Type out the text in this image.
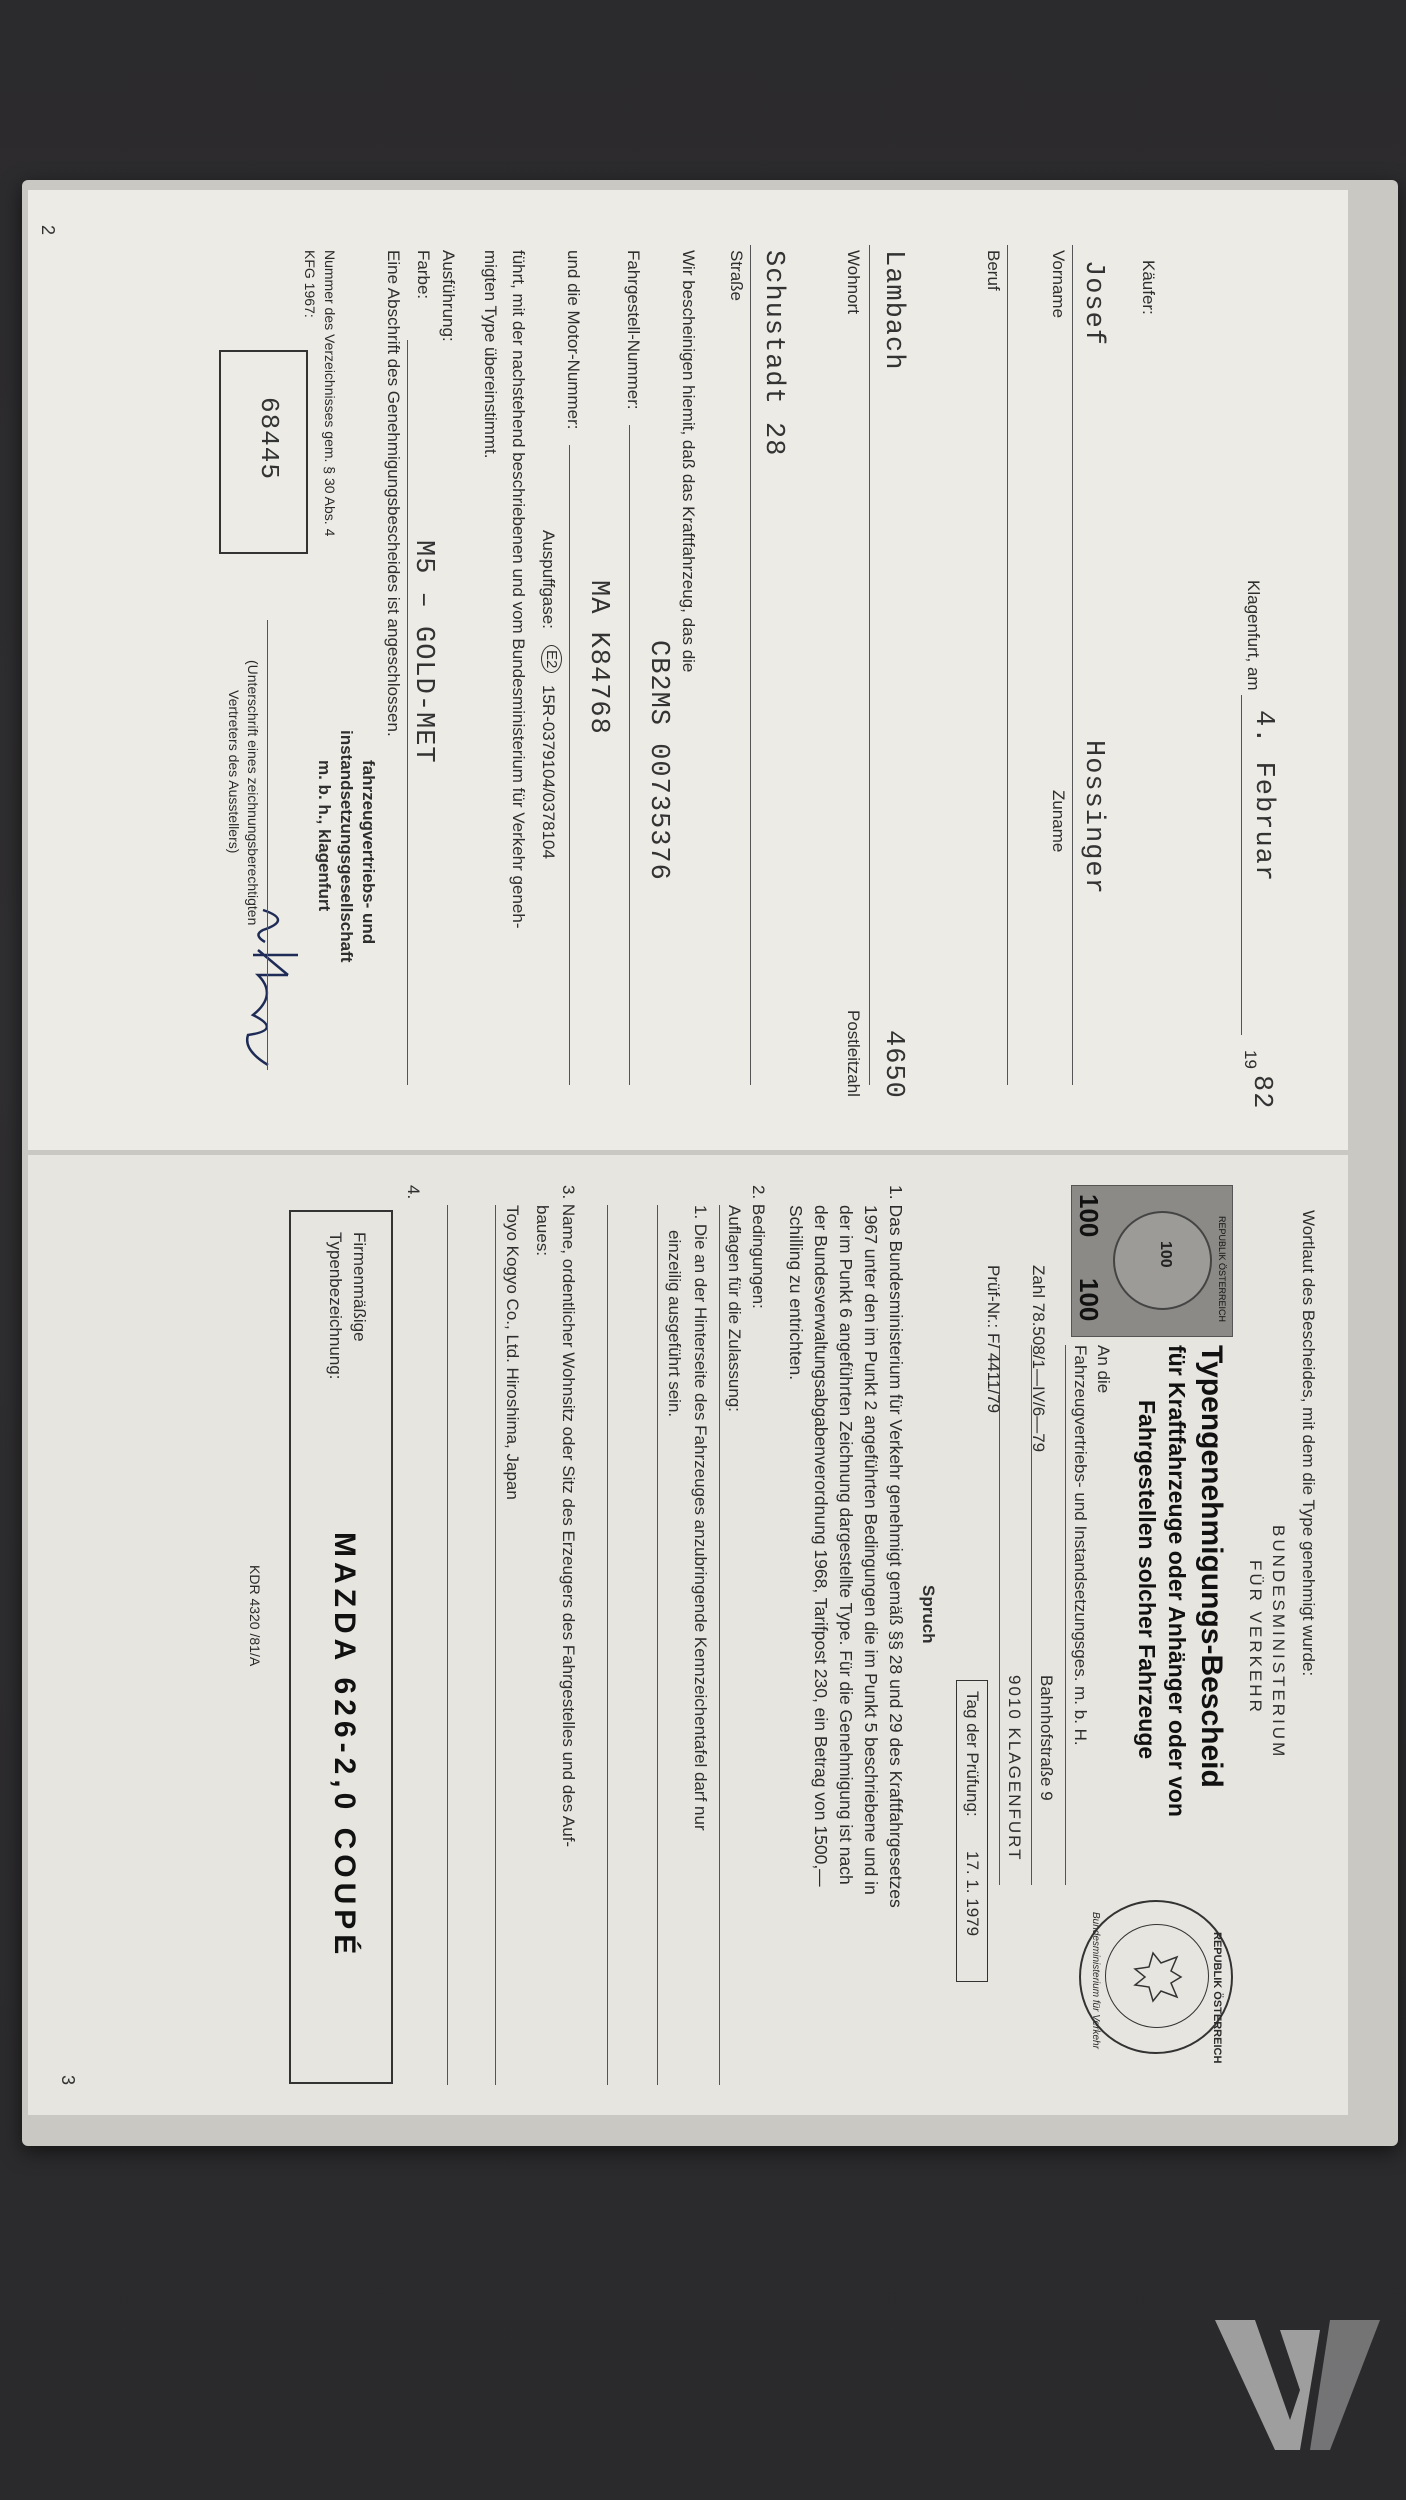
Klagenfurt, am
4. Februar
19
82
Käufer:
Josef
Hossinger
Vorname
Zuname
Beruf
Lambach
4650
Wohnort
Postleitzahl
Schustadt 28
Straße
Wir bescheinigen hiemit, daß das Kraftfahrzeug, das die
CB2MS 00735376
Fahrgestell-Nummer:
MA K84768
und die Motor-Nummer:
Auspuffgase:
E2
15R-0379104/0378104
führt, mit der nachstehend beschriebenen und vom Bundesministerium für Verkehr geneh-
migten Type übereinstimmt.
Ausführung:
M5 – GOLD-MET
Farbe:
Eine Abschrift des Genehmigungsbescheides ist angeschlossen.
Nummer des Verzeichnisses gem. § 30 Abs. 4
KFG 1967:
68445
fahrzeugvertriebs- und
instandsetzungsgesellschaft
m. b. h., klagenfurt
(Unterschrift eines zeichnungsberechtigten
Vertreters des Ausstellers)
2
Wortlaut des Bescheides, mit dem die Type genehmigt wurde:
BUNDESMINISTERIUM
FÜR VERKEHR
100	REPUBLIK ÖSTERREICH
100
100
Typengenehmigungs-Bescheid
für Kraftfahrzeuge oder Anhänger oder von
Fahrgestellen solcher Fahrzeuge
REPUBLIK ÖSTERREICH
Bundesministerium für Verkehr
An die
Fahrzeugvertriebs- und Instandsetzungsges. m. b. H.
Bahnhofstraße 9
9010 KLAGENFURT
Zahl 78.508/1—IV/6—79
Prüf-Nr.: F/ 4411/79
Tag der Prüfung:
17. 1. 1979
Spruch
1. Das Bundesministerium für Verkehr genehmigt gemäß §§ 28 und 29 des Kraftfahrgesetzes
1967 unter den im Punkt 2 angeführten Bedingungen die im Punkt 5 beschriebene und in
der im Punkt 6 angeführten Zeichnung dargestellte Type. Für die Genehmigung ist nach
der Bundesverwaltungsabgabenverordnung 1968, Tarifpost 230, ein Betrag von 1500,—
Schilling zu entrichten.
2. Bedingungen:
Auflagen für die Zulassung:
1. Die an der Hinterseite des Fahrzeuges anzubringende Kennzeichentafel darf nur
einzeilig ausgeführt sein.
3. Name, ordentlicher Wohnsitz oder Sitz des Erzeugers des Fahrgestelles und des Auf-
baues:
Toyo Kogyo Co., Ltd. Hiroshima, Japan
4.
Firmenmäßige
Typenbezeichnung:
MAZDA 626-2,0 COUPÉ
KDR 4320 /81/A
3
